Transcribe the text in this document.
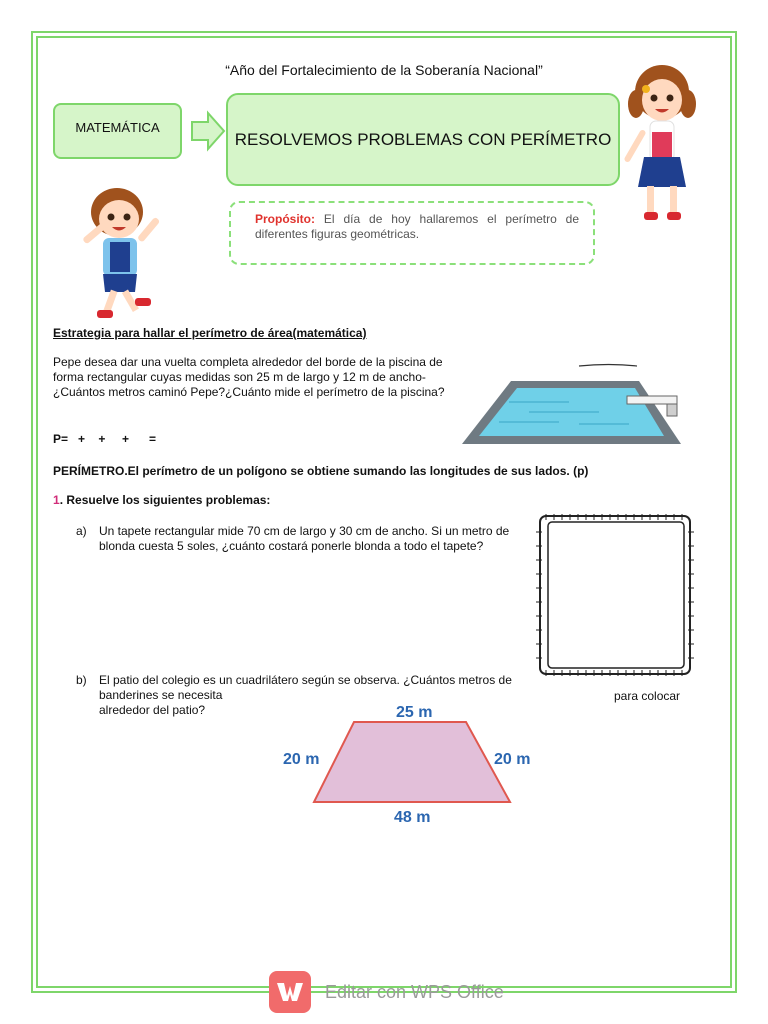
“Año del Fortalecimiento de la Soberanía Nacional”
MATEMÁTICA
RESOLVEMOS PROBLEMAS CON PERÍMETRO
Propósito: El día de hoy hallaremos el perímetro de diferentes figuras geométricas.
Estrategia para hallar el perímetro de área(matemática)
Pepe desea dar una vuelta completa alrededor del borde de la piscina de forma rectangular cuyas medidas son 25 m de largo y 12 m de ancho-¿Cuántos metros caminó Pepe?¿Cuánto mide el perímetro de la piscina?
P=   +    +     +      =
PERÍMETRO.El perímetro de un polígono se obtiene sumando las longitudes de sus lados. (p)
1. Resuelve los siguientes problemas:
a) Un tapete rectangular mide 70 cm de largo y 30 cm de ancho. Si un metro de blonda cuesta 5 soles, ¿cuánto costará ponerle blonda a todo el tapete?
b) El patio del colegio es un cuadrilátero según se observa. ¿Cuántos metros de banderines se necesita
alrededor del patio?
para colocar
25 m
20 m	20 m
48 m
Editar con WPS Office
